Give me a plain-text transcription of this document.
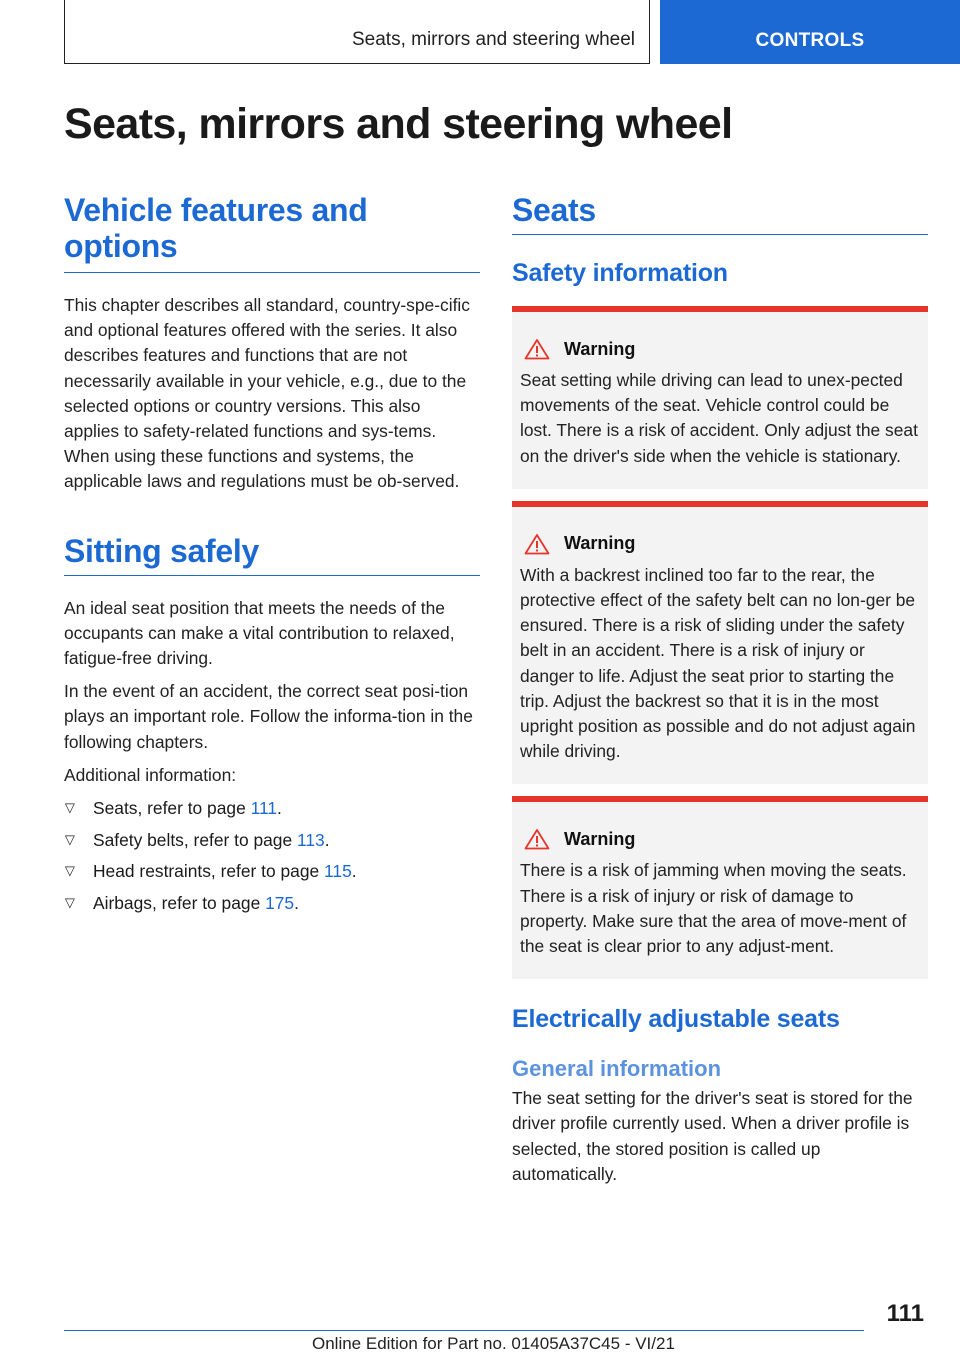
Seats, mirrors and steering wheel	CONTROLS
Seats, mirrors and steering wheel
Vehicle features and options

This chapter describes all standard, country-spe-cific and optional features offered with the series. It also describes features and functions that are not necessarily available in your vehicle, e.g., due to the selected options or country versions. This also applies to safety-related functions and sys-tems. When using these functions and systems, the applicable laws and regulations must be ob-served.

Sitting safely

An ideal seat position that meets the needs of the occupants can make a vital contribution to relaxed, fatigue-free driving.

In the event of an accident, the correct seat posi-tion plays an important role. Follow the informa-tion in the following chapters.

Additional information:

▷ Seats, refer to page 111.
▷ Safety belts, refer to page 113.
▷ Head restraints, refer to page 115.
▷ Airbags, refer to page 175.
Seats
Safety information
Warning

Seat setting while driving can lead to unex-pected movements of the seat. Vehicle control could be lost. There is a risk of accident. Only adjust the seat on the driver's side when the vehicle is stationary.

Warning

With a backrest inclined too far to the rear, the protective effect of the safety belt can no lon-ger be ensured. There is a risk of sliding under the safety belt in an accident. There is a risk of injury or danger to life. Adjust the seat prior to starting the trip. Adjust the backrest so that it is in the most upright position as possible and do not adjust again while driving.

Warning

There is a risk of jamming when moving the seats. There is a risk of injury or risk of damage to property. Make sure that the area of move-ment of the seat is clear prior to any adjust-ment.

Electrically adjustable seats
General information

The seat setting for the driver's seat is stored for the driver profile currently used. When a driver profile is selected, the stored position is called up automatically.

111
Online Edition for Part no. 01405A37C45 - VI/21
